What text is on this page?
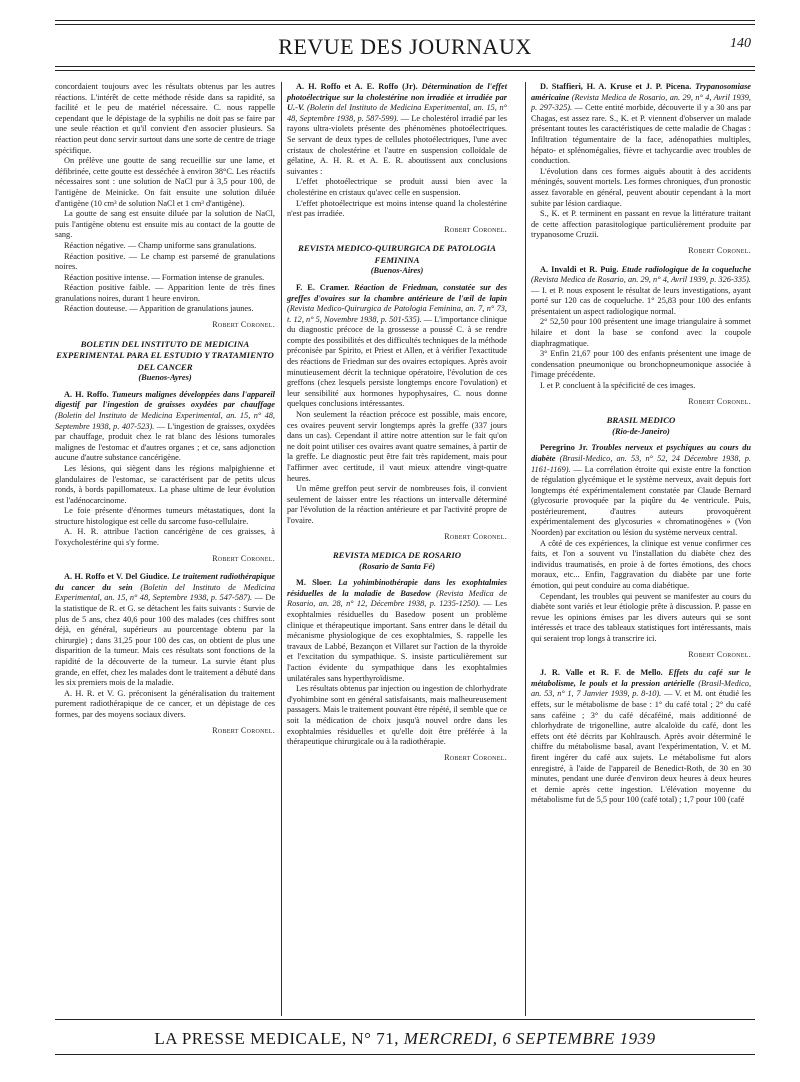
REVUE DES JOURNAUX	140

concordaient toujours avec les résultats obtenus par les autres réactions. L'intérêt de cette méthode réside dans sa rapidité, sa facilité et le peu de matériel nécessaire. C. nous rappelle cependant que le dépistage de la syphilis ne doit pas se faire par une seule réaction et qu'il convient d'en associer plusieurs. Sa réaction peut donc servir surtout dans une sorte de centre de triage spécifique.

On prélève une goutte de sang recueillie sur une lame, et défibrinée, cette goutte est desséchée à environ 38°C. Les réactifs nécessaires sont : une solution de NaCl pur à 3,5 pour 100, de l'antigène de Meinicke. On fait ensuite une solution diluée d'antigène (10 cm³ de solution NaCl et 1 cm³ d'antigène).

La goutte de sang est ensuite diluée par la solution de NaCl, puis l'antigène obtenu est ensuite mis au contact de la goutte de sang.

Réaction négative. — Champ uniforme sans granulations.

Réaction positive. — Le champ est parsemé de granulations noires.

Réaction positive intense. — Formation intense de granules.

Réaction positive faible. — Apparition lente de très fines granulations noires, durant 1 heure environ.

Réaction douteuse. — Apparition de granulations jaunes.

Robert Coronel.
BOLETIN DEL INSTITUTO DE MEDICINA EXPERIMENTAL PARA EL ESTUDIO Y TRATAMIENTO DEL CANCER
(Buenos-Ayres)

A. H. Roffo. Tumeurs malignes développées dans l'appareil digestif par l'ingestion de graisses oxydées par chauffage (Boletin del Instituto de Medicina Experimental, an. 15, n° 48, Septembre 1938, p. 407-523). — L'ingestion de graisses, oxydées par chauffage, produit chez le rat blanc des lésions tumorales malignes de l'estomac et d'autres organes ; et ce, sans adjonction aucune d'autre substance cancérigène.

Les lésions, qui siègent dans les régions malpighienne et glandulaires de l'estomac, se caractérisent par de petits ulcus ronds, à bords papillomateux. La phase ultime de leur évolution est l'adénocarcinome.

Le foie présente d'énormes tumeurs métastatiques, dont la structure histologique est celle du sarcome fuso-cellulaire.

A. H. R. attribue l'action cancérigène de ces graisses, à l'oxycholestérine qui s'y forme.

Robert Coronel.

A. H. Roffo et V. Del Giudice. Le traitement radiothérapique du cancer du sein (Boletin del Instituto de Medicina Experimental, an. 15, n° 48, Septembre 1938, p. 547-587). — De la statistique de R. et G. se détachent les faits suivants : Survie de plus de 5 ans, chez 40,6 pour 100 des malades (ces chiffres sont déjà, en général, supérieurs au pourcentage obtenu par la chirurgie) ; dans 31,25 pour 100 des cas, on obtient de plus une disparition de la tumeur. Mais ces résultats sont fonctions de la rapidité de la découverte de la tumeur. La survie étant plus grande, en effet, chez les malades dont le traitement a débuté dans les six premiers mois de la maladie.

A. H. R. et V. G. préconisent la généralisation du traitement purement radiothérapique de ce cancer, et un dépistage de ces formes, par des moyens sociaux divers.

Robert Coronel.

A. H. Roffo et A. E. Roffo (Jr). Détermination de l'effet photoélectrique sur la cholestérine non irradiée et irradiée par U.-V. (Boletin del Instituto de Medicina Experimental, an. 15, n° 48, Septembre 1938, p. 587-599). — Le cholestérol irradié par les rayons ultra-violets présente des phénomènes photoélectriques. Se servant de deux types de cellules photoélectriques, l'une avec cristaux de cholestérine et l'autre en suspension colloïdale de gélatine, A. H. R. et A. E. R. aboutissent aux conclusions suivantes :

L'effet photoélectrique se produit aussi bien avec la cholestérine en cristaux qu'avec celle en suspension.

L'effet photoélectrique est moins intense quand la cholestérine n'est pas irradiée.

Robert Coronel.
REVISTA MEDICO-QUIRURGICA DE PATOLOGIA FEMININA
(Buenos-Aires)

F. E. Cramer. Réaction de Friedman, constatée sur des greffes d'ovaires sur la chambre antérieure de l'œil de lapin (Revista Medico-Quirurgica de Patologia Feminina, an. 7, n° 73, t. 12, n° 5, Novembre 1938, p. 501-535). — L'importance clinique du diagnostic précoce de la grossesse a poussé C. à se rendre compte des possibilités et des difficultés techniques de la méthode préconisée par Spirito, et Priest et Allen, et à vérifier l'exactitude des réactions de Friedman sur des ovaires ectopiques. Après avoir minutieusement décrit la technique opératoire, l'évolution de ces greffons (chez lesquels persiste longtemps encore l'ovulation) et leur sensibilité aux hormones hypophysaires, C. nous donne quelques conclusions intéressantes.

Non seulement la réaction précoce est possible, mais encore, ces ovaires peuvent servir longtemps après la greffe (337 jours dans un cas). Cependant il attire notre attention sur le fait qu'on ne doit point utiliser ces ovaires avant quatre semaines, à partir de la greffe. Le diagnostic peut être fait très rapidement, mais pour l'affirmer avec certitude, il vaut mieux attendre vingt-quatre heures.

Un même greffon peut servir de nombreuses fois, il convient seulement de laisser entre les réactions un intervalle déterminé par l'évolution de la réaction antérieure et par l'activité propre de l'ovaire.

Robert Coronel.
REVISTA MEDICA DE ROSARIO
(Rosario de Santa Fé)

M. Sloer. La yohimbinothérapie dans les exophtalmies résiduelles de la maladie de Basedow (Revista Medica de Rosario, an. 28, n° 12, Décembre 1938, p. 1235-1250). — Les exophtalmies résiduelles du Basedow posent un problème clinique et thérapeutique important. Sans entrer dans le détail du mécanisme physiologique de ces exophtalmies, S. rappelle les travaux de Labbé, Bezançon et Villaret sur l'action de la thyroïde et l'excitation du sympathique. S. insiste particulièrement sur l'action évidente du sympathique dans les exophtalmies unilatérales sans hyperthyroïdisme.

Les résultats obtenus par injection ou ingestion de chlorhydrate d'yohimbine sont en général satisfaisants, mais malheureusement passagers. Mais le traitement pouvant être répété, il semble que ce soit la médication de choix jusqu'à nouvel ordre dans les exophtalmies résiduelles et qu'elle doit être préférée à la thérapeutique chirurgicale ou à la radiothérapie.

Robert Coronel.

D. Staffieri, H. A. Kruse et J. P. Picena. Trypanosomiase américaine (Revista Medica de Rosario, an. 29, n° 4, Avril 1939, p. 297-325). — Cette entité morbide, découverte il y a 30 ans par Chagas, est assez rare. S., K. et P. viennent d'observer un malade présentant toutes les caractéristiques de cette maladie de Chagas : Infiltration tégumentaire de la face, adénopathies multiples, hépato- et splénomégalies, fièvre et tachycardie avec troubles de conduction.

L'évolution dans ces formes aiguës aboutit à des accidents méningés, souvent mortels. Les formes chroniques, d'un pronostic assez favorable en général, peuvent aboutir cependant à la mort subite par lésion cardiaque.

S., K. et P. terminent en passant en revue la littérature traitant de cette affection parasitologique particulièrement produite par trypanosome Cruzii.

Robert Coronel.

A. Invaldi et R. Puig. Etude radiologique de la coqueluche (Revista Medica de Rosario, an. 29, n° 4, Avril 1939, p. 326-335). — I. et P. nous exposent le résultat de leurs investigations, ayant porté sur 120 cas de coqueluche. 1° 25,83 pour 100 des enfants présentaient un aspect radiologique normal.

2° 52,50 pour 100 présentent une image triangulaire à sommet hilaire et dont la base se confond avec la coupole diaphragmatique.

3° Enfin 21,67 pour 100 des enfants présentent une image de condensation pneumonique ou bronchopneumonique associée à l'image précédente.

I. et P. concluent à la spécificité de ces images.

Robert Coronel.
BRASIL MEDICO
(Rio-de-Janeiro)

Peregrino Jr. Troubles nerveux et psychiques au cours du diabète (Brasil-Medico, an. 53, n° 52, 24 Décembre 1938, p. 1161-1169). — La corrélation étroite qui existe entre la fonction de régulation glycémique et le système nerveux, avait depuis fort longtemps été expérimentalement constatée par Claude Bernard (glycosurie provoquée par la piqûre du 4e ventricule. Puis, postérieurement, d'autres auteurs provoquèrent expérimentalement des glycosuries « chromatinogènes » (Von Noorden) par excitation ou lésion du système nerveux central.

A côté de ces expériences, la clinique est venue confirmer ces faits, et l'on a souvent vu l'installation du diabète chez des individus traumatisés, en proie à de fortes émotions, des chocs moraux, etc... Enfin, l'aggravation du diabète par une forte émotion, qui peut conduire au coma diabétique.

Cependant, les troubles qui peuvent se manifester au cours du diabète sont variés et leur étiologie prête à discussion. P. passe en revue les opinions émises par les divers auteurs qui se sont intéressés et trace des tableaux statistiques fort intéressants, mais qui seraient trop longs à transcrire ici.

Robert Coronel.

J. R. Valle et R. F. de Mello. Effets du café sur le métabolisme, le pouls et la pression artérielle (Brasil-Medico, an. 53, n° 1, 7 Janvier 1939, p. 8-10). — V. et M. ont étudié les effets, sur le métabolisme de base : 1° du café total ; 2° du café sans caféine ; 3° du café décaféiné, mais additionné de chlorhydrate de trigonelline, autre alcaloïde du café, dont les effets ont été décrits par Kohlrausch. Après avoir déterminé le chiffre du métabolisme basal, avant l'expérimentation, V. et M. firent ingérer du café aux sujets. Le métabolisme fut alors enregistré, à l'aide de l'appareil de Benedict-Roth, de 30 en 30 minutes, pendant une durée d'environ deux heures à deux heures et demie après cette ingestion. L'élévation moyenne du métabolisme fut de 5,5 pour 100 (café total) ; 1,7 pour 100 (café

LA PRESSE MEDICALE, N° 71, MERCREDI, 6 SEPTEMBRE 1939
